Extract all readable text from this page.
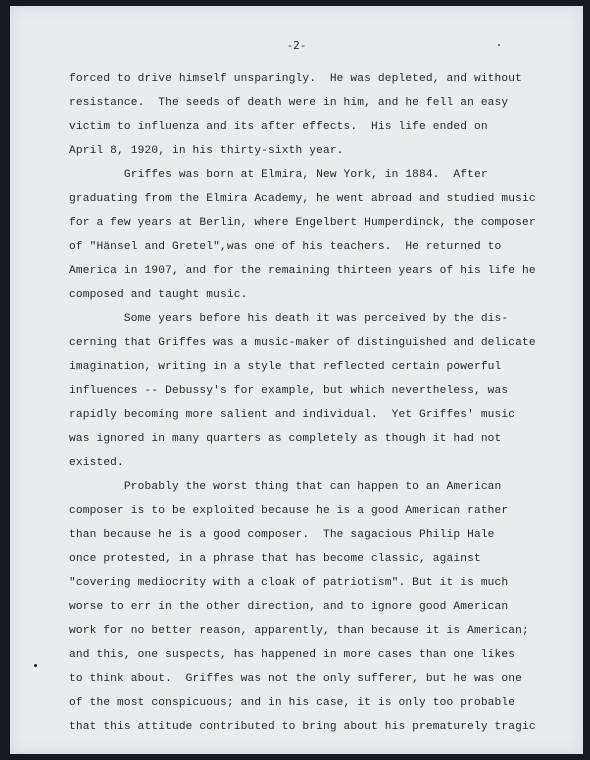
-2-
forced to drive himself unsparingly.  He was depleted, and without
resistance.  The seeds of death were in him, and he fell an easy
victim to influenza and its after effects.  His life ended on
April 8, 1920, in his thirty-sixth year.
Griffes was born at Elmira, New York, in 1884.  After
graduating from the Elmira Academy, he went abroad and studied music
for a few years at Berlin, where Engelbert Humperdinck, the composer
of "Hänsel and Gretel",was one of his teachers.  He returned to
America in 1907, and for the remaining thirteen years of his life he
composed and taught music.
Some years before his death it was perceived by the dis-
cerning that Griffes was a music-maker of distinguished and delicate
imagination, writing in a style that reflected certain powerful
influences -- Debussy's for example, but which nevertheless, was
rapidly becoming more salient and individual.  Yet Griffes' music
was ignored in many quarters as completely as though it had not
existed.
Probably the worst thing that can happen to an American
composer is to be exploited because he is a good American rather
than because he is a good composer.  The sagacious Philip Hale
once protested, in a phrase that has become classic, against
"covering mediocrity with a cloak of patriotism". But it is much
worse to err in the other direction, and to ignore good American
work for no better reason, apparently, than because it is American;
and this, one suspects, has happened in more cases than one likes
to think about.  Griffes was not the only sufferer, but he was one
of the most conspicuous; and in his case, it is only too probable
that this attitude contributed to bring about his prematurely tragic
